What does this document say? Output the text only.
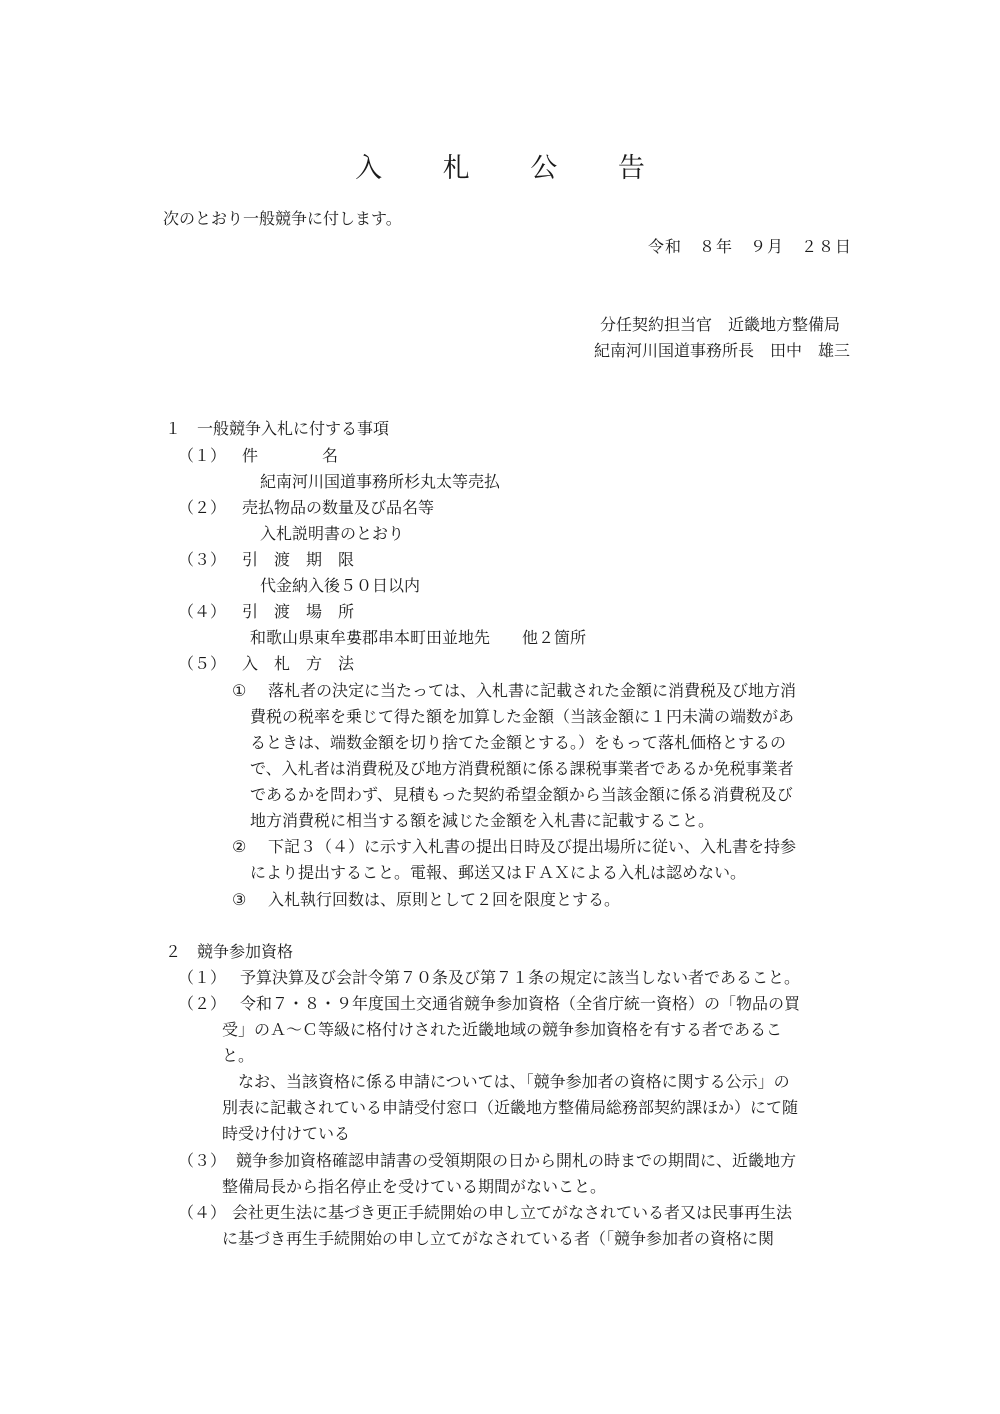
入 札 公 告
次のとおり一般競争に付します。
令和　８年　９月　２８日
分任契約担当官　近畿地方整備局
紀南河川国道事務所長　田中　雄三
１　一般競争入札に付する事項
（１） 件　　　　名
紀南河川国道事務所杉丸太等売払
（２） 売払物品の数量及び品名等
入札説明書のとおり
（３） 引　渡　期　限
代金納入後５０日以内
（４） 引　渡　場　所
和歌山県東牟婁郡串本町田並地先　　他２箇所
（５） 入　札　方　法
① 落札者の決定に当たっては、入札書に記載された金額に消費税及び地方消
費税の税率を乗じて得た額を加算した金額（当該金額に１円未満の端数があ
るときは、端数金額を切り捨てた金額とする。）をもって落札価格とするの
で、入札者は消費税及び地方消費税額に係る課税事業者であるか免税事業者
であるかを問わず、見積もった契約希望金額から当該金額に係る消費税及び
地方消費税に相当する額を減じた金額を入札書に記載すること。
② 下記３（４）に示す入札書の提出日時及び提出場所に従い、入札書を持参
により提出すること。電報、郵送又はＦＡＸによる入札は認めない。
③ 入札執行回数は、原則として２回を限度とする。
２　競争参加資格
（１） 予算決算及び会計令第７０条及び第７１条の規定に該当しない者であること。
（２） 令和７・８・９年度国土交通省競争参加資格（全省庁統一資格）の「物品の買
受」のＡ～Ｃ等級に格付けされた近畿地域の競争参加資格を有する者であるこ
と。
　なお、当該資格に係る申請については、「競争参加者の資格に関する公示」の
別表に記載されている申請受付窓口（近畿地方整備局総務部契約課ほか）にて随
時受け付けている
（３） 競争参加資格確認申請書の受領期限の日から開札の時までの期間に、近畿地方
整備局長から指名停止を受けている期間がないこと。
（４） 会社更生法に基づき更正手続開始の申し立てがなされている者又は民事再生法
に基づき再生手続開始の申し立てがなされている者（「競争参加者の資格に関
